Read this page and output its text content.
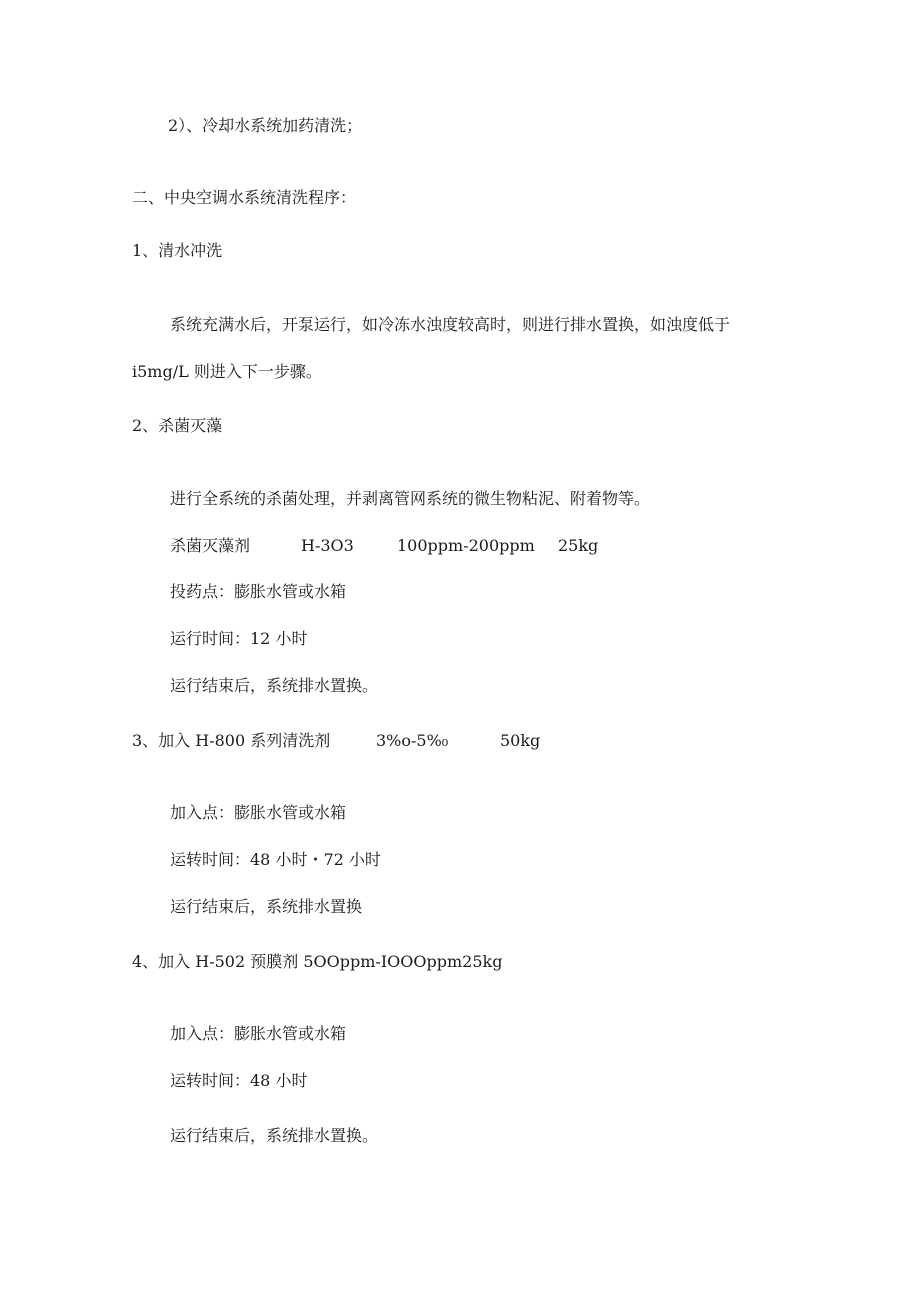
2）、冷却水系统加药清洗；
二、中央空调水系统清洗程序：
1、清水冲洗
系统充满水后，开泵运行，如冷冻水浊度较高时，则进行排水置换，如浊度低于
i5mg/L 则进入下一步骤。
2、杀菌灭藻
进行全系统的杀菌处理，并剥离管网系统的微生物粘泥、附着物等。
杀菌灭藻剂	H-3O3	100ppm-200ppm 25kg
投药点：膨胀水管或水箱
运行时间：12 小时
运行结束后，系统排水置换。
3、加入 H-800 系列清洗剂	3%o-5%₀	50kg
加入点：膨胀水管或水箱
运转时间：48 小时・72 小时
运行结束后，系统排水置换
4、加入 H-502 预膜剂 5OOppm-IOOOppm25kg
加入点：膨胀水管或水箱
运转时间：48 小时
运行结束后，系统排水置换。
